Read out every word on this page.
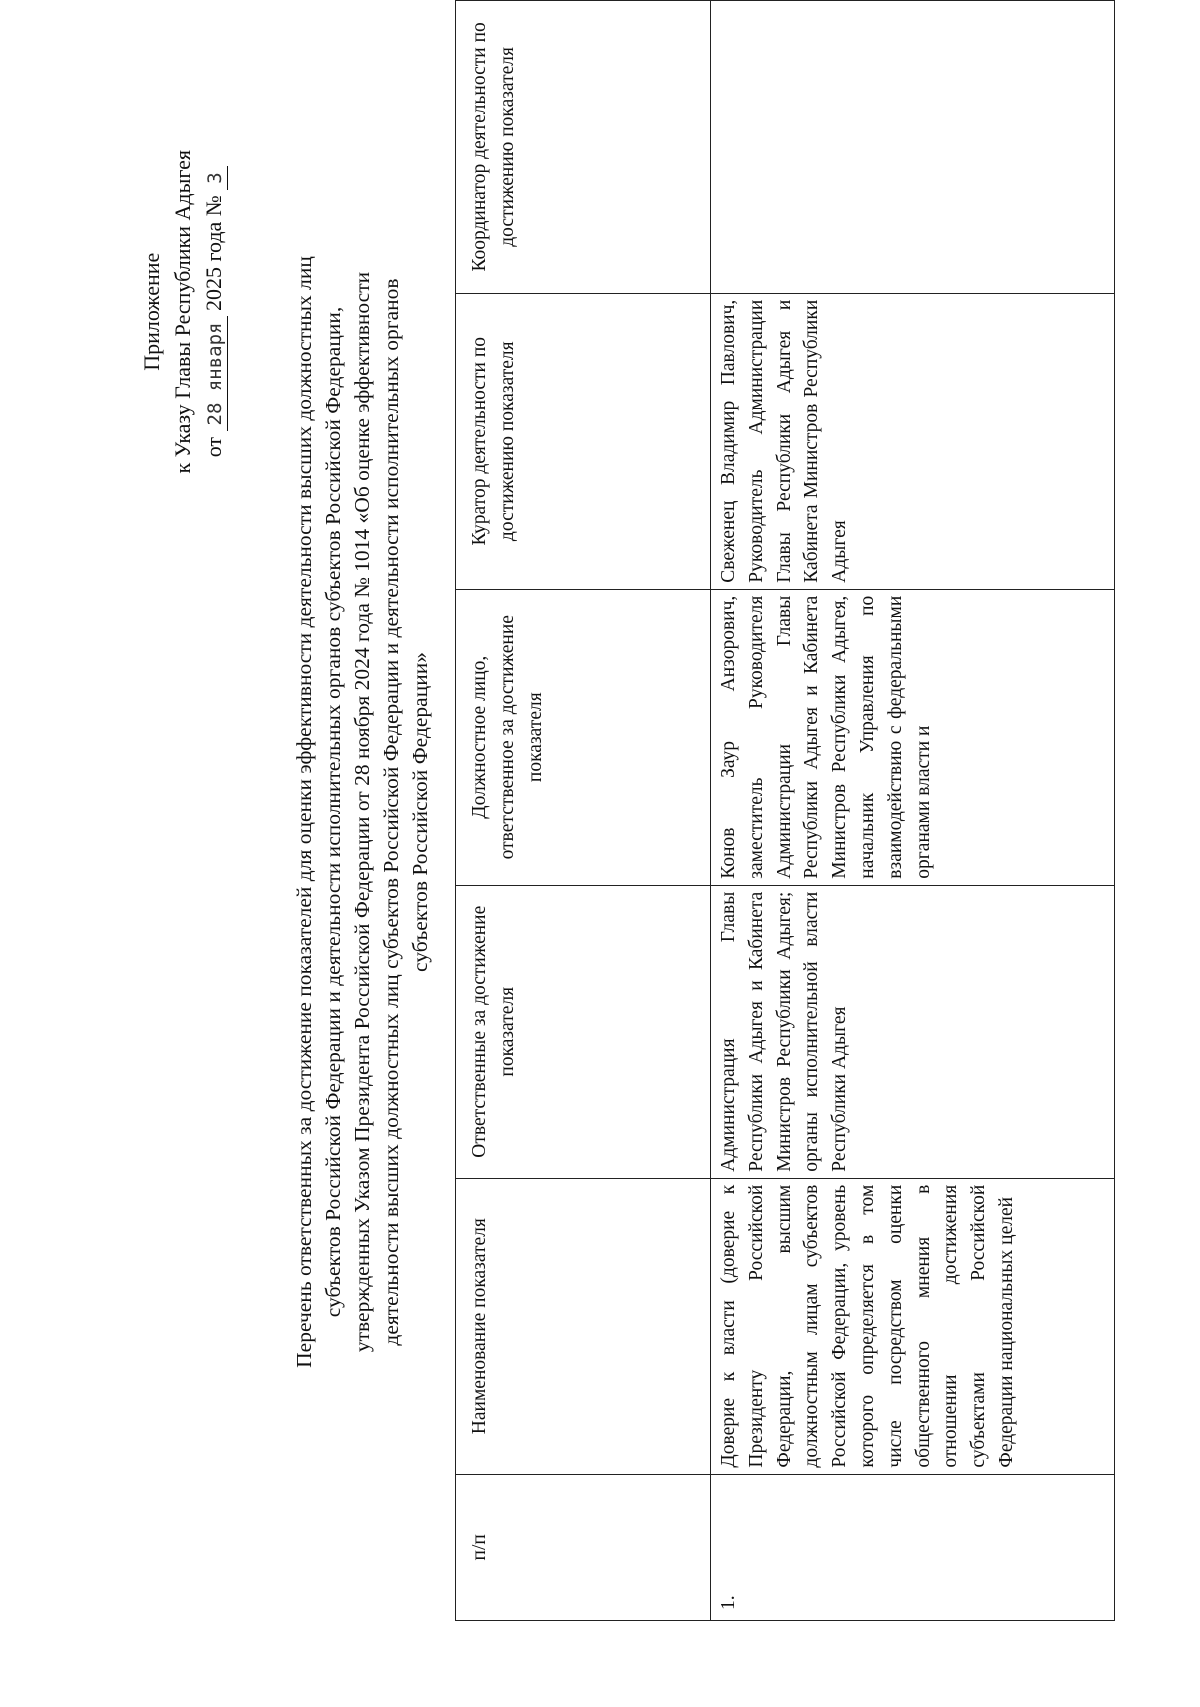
Приложение к Указу Главы Республики Адыгея от 28 января 2025 года № 3
Перечень ответственных за достижение показателей для оценки эффективности деятельности высших должностных лиц субъектов Российской Федерации и деятельности исполнительных органов субъектов Российской Федерации, утвержденных Указом Президента Российской Федерации от 28 ноября 2024 года № 1014 «Об оценке эффективности деятельности высших должностных лиц субъектов Российской Федерации и деятельности исполнительных органов субъектов Российской Федерации»
п/п	Наименование показателя	Ответственные за достижение показателя	Должностное лицо, ответственное за достижение показателя	Куратор деятельности по достижению показателя	Координатор деятельности по достижению показателя
1.	Доверие к власти (доверие к Президенту Российской Федерации, высшим должностным лицам субъектов Российской Федерации, уровень которого определяется в том числе посредством оценки общественного мнения в отношении достижения субъектами Российской Федерации национальных целей	Администрация Главы Республики Адыгея и Кабинета Министров Республики Адыгея; органы исполнительной власти Республики Адыгея	Конов Заур Анзорович, заместитель Руководителя Администрации Главы Республики Адыгея и Кабинета Министров Республики Адыгея, начальник Управления по взаимодействию с федеральными органами власти и	Свеженец Владимир Павлович, Руководитель Администрации Главы Республики Адыгея и Кабинета Министров Республики Адыгея	
